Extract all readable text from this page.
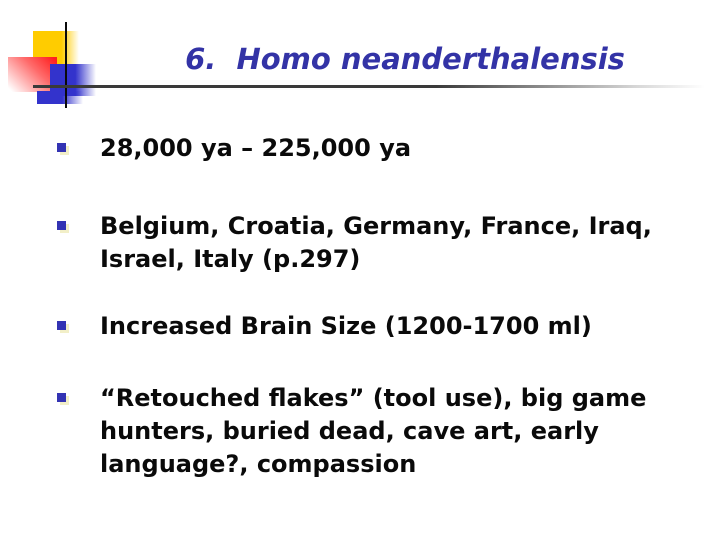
6.  Homo neanderthalensis
28,000 ya – 225,000 ya
Belgium, Croatia, Germany, France, Iraq,
Israel, Italy (p.297)
Increased Brain Size (1200-1700 ml)
“Retouched flakes” (tool use), big game
hunters, buried dead, cave art, early
language?, compassion
